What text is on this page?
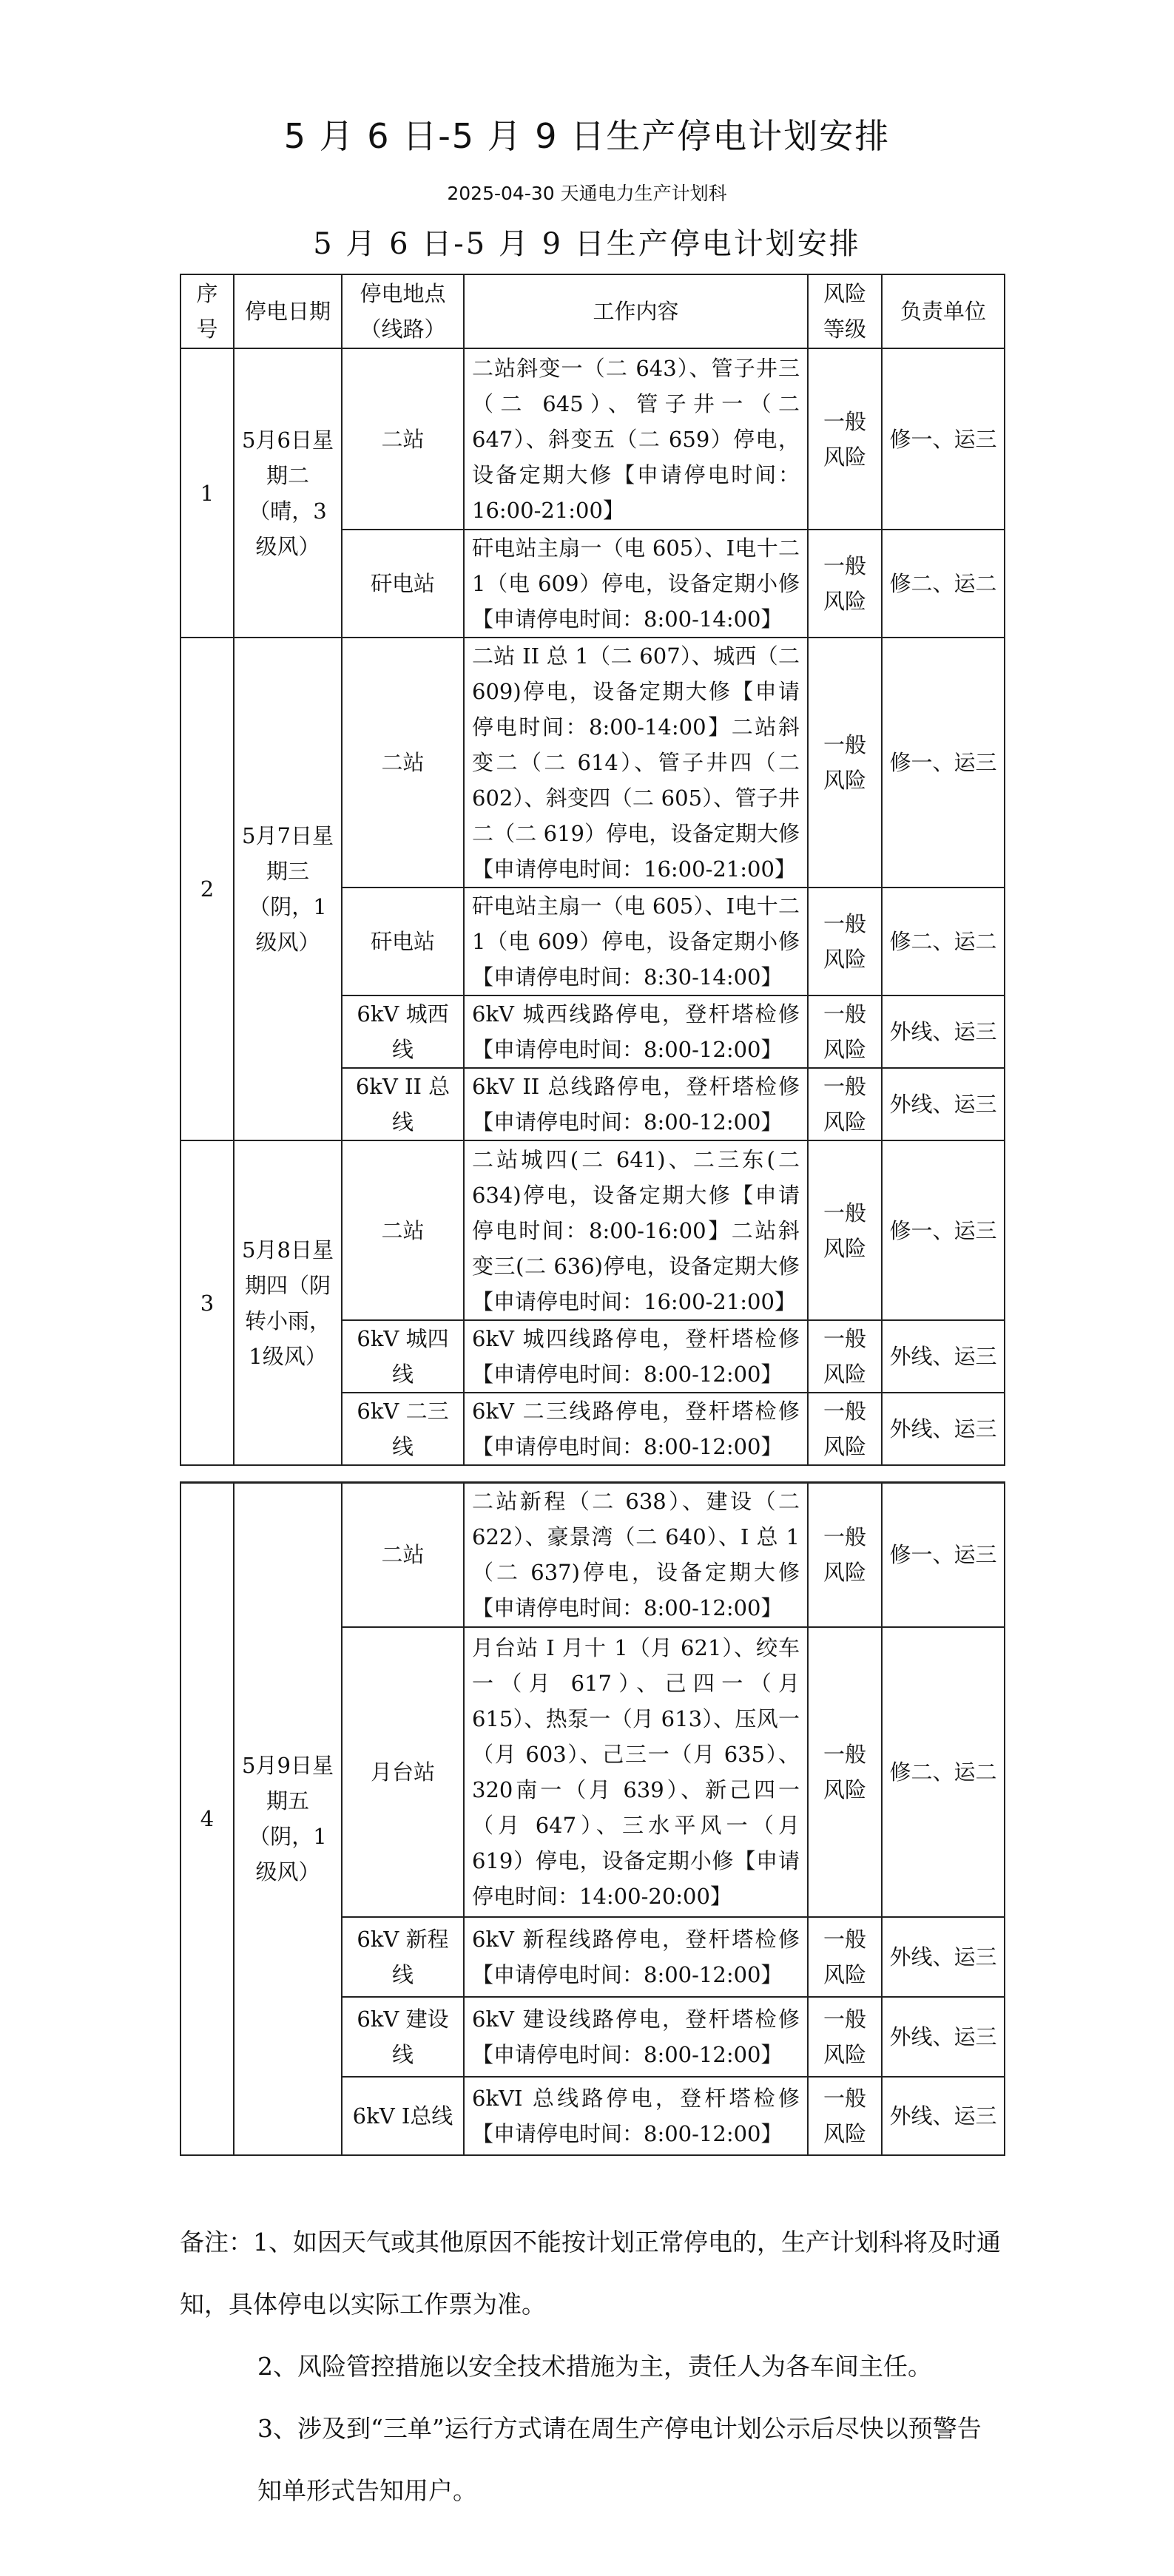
5 月 6 日-5 月 9 日生产停电计划安排
2025-04-30 天通电力生产计划科
5 月 6 日-5 月 9 日生产停电计划安排
序号	停电日期	停电地点（线路）	工作内容	风险等级	负责单位
1	5月6日星期二（晴，3级风）	二站	二站斜变一（二 643）、管子井三（二 645）、管子井一（二 647）、斜变五（二 659）停电，设备定期大修【申请停电时间：16:00-21:00】	一般风险	修一、运三
		矸电站	矸电站主扇一（电 605）、Ⅰ电十二1（电 609）停电，设备定期小修【申请停电时间：8:00-14:00】	一般风险	修二、运二
2	5月7日星期三（阴，1级风）	二站	二站 II 总 1（二 607）、城西（二 609)停电，设备定期大修【申请停电时间：8:00-14:00】二站斜变二（二 614）、管子井四（二 602）、斜变四（二 605）、管子井二（二 619）停电，设备定期大修【申请停电时间：16:00-21:00】	一般风险	修一、运三
		矸电站	矸电站主扇一（电 605）、Ⅰ电十二1（电 609）停电，设备定期小修【申请停电时间：8:30-14:00】	一般风险	修二、运二
		6kV 城西线	6kV 城西线路停电，登杆塔检修【申请停电时间：8:00-12:00】	一般风险	外线、运三
		6kV II 总线	6kV II 总线路停电，登杆塔检修【申请停电时间：8:00-12:00】	一般风险	外线、运三
3	5月8日星期四（阴转小雨，1级风）	二站	二站城四(二 641)、二三东(二 634)停电，设备定期大修【申请停电时间：8:00-16:00】二站斜变三(二 636)停电，设备定期大修【申请停电时间：16:00-21:00】	一般风险	修一、运三
		6kV 城四线	6kV 城四线路停电，登杆塔检修【申请停电时间：8:00-12:00】	一般风险	外线、运三
		6kV 二三线	6kV 二三线路停电，登杆塔检修【申请停电时间：8:00-12:00】	一般风险	外线、运三
4	5月9日星期五（阴，1级风）	二站	二站新程（二 638）、建设（二 622）、豪景湾（二 640）、I 总 1（二 637)停电，设备定期大修【申请停电时间：8:00-12:00】	一般风险	修一、运三
		月台站	月台站 I 月十 1（月 621）、绞车一（月 617）、己四一（月 615）、热泵一（月 613）、压风一（月 603）、己三一（月 635）、320南一（月 639）、新己四一（月 647）、三水平风一（月 619）停电，设备定期小修【申请停电时间：14:00-20:00】	一般风险	修二、运二
		6kV 新程线	6kV 新程线路停电，登杆塔检修【申请停电时间：8:00-12:00】	一般风险	外线、运三
		6kV 建设线	6kV 建设线路停电，登杆塔检修【申请停电时间：8:00-12:00】	一般风险	外线、运三
		6kV Ⅰ总线	6kVI 总线路停电，登杆塔检修【申请停电时间：8:00-12:00】	一般风险	外线、运三

备注：1、如因天气或其他原因不能按计划正常停电的，生产计划科将及时通知，具体停电以实际工作票为准。

2、风险管控措施以安全技术措施为主，责任人为各车间主任。

3、涉及到“三单”运行方式请在周生产停电计划公示后尽快以预警告知单形式告知用户。
